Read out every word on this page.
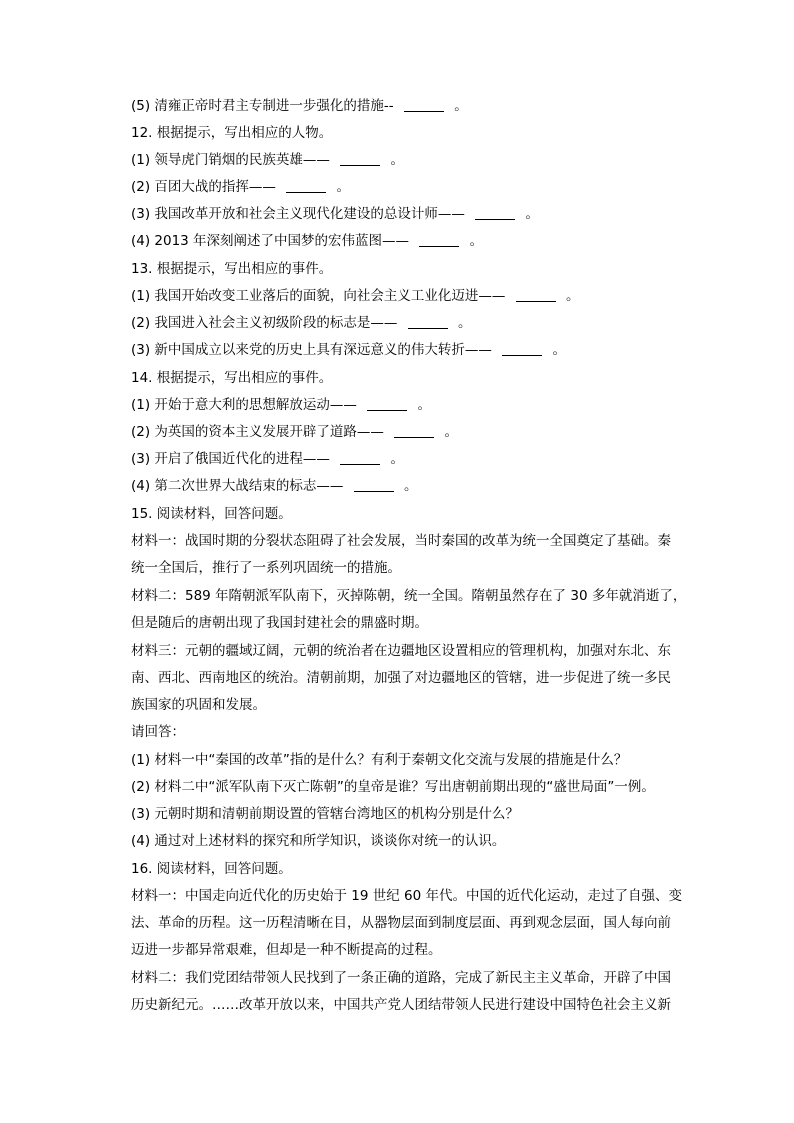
(5) 清雍正帝时君主专制进一步强化的措施--	。
12. 根据提示，写出相应的人物。
(1) 领导虎门销烟的民族英雄——	。
(2) 百团大战的指挥——	。
(3) 我国改革开放和社会主义现代化建设的总设计师——	。
(4) 2013 年深刻阐述了中国梦的宏伟蓝图——	。
13. 根据提示，写出相应的事件。
(1) 我国开始改变工业落后的面貌，向社会主义工业化迈进——	。
(2) 我国进入社会主义初级阶段的标志是——	。
(3) 新中国成立以来党的历史上具有深远意义的伟大转折——	。
14. 根据提示，写出相应的事件。
(1) 开始于意大利的思想解放运动——	。
(2) 为英国的资本主义发展开辟了道路——	。
(3) 开启了俄国近代化的进程——	。
(4) 第二次世界大战结束的标志——	。
15. 阅读材料，回答问题。
材料一：战国时期的分裂状态阻碍了社会发展，当时秦国的改革为统一全国奠定了基础。秦
统一全国后，推行了一系列巩固统一的措施。
材料二：589 年隋朝派军队南下，灭掉陈朝，统一全国。隋朝虽然存在了 30 多年就消逝了，
但是随后的唐朝出现了我国封建社会的鼎盛时期。
材料三：元朝的疆域辽阔，元朝的统治者在边疆地区设置相应的管理机构，加强对东北、东
南、西北、西南地区的统治。清朝前期，加强了对边疆地区的管辖，进一步促进了统一多民
族国家的巩固和发展。
请回答：
(1) 材料一中“秦国的改革”指的是什么？有利于秦朝文化交流与发展的措施是什么？
(2) 材料二中“派军队南下灭亡陈朝”的皇帝是谁？写出唐朝前期出现的“盛世局面”一例。
(3) 元朝时期和清朝前期设置的管辖台湾地区的机构分别是什么？
(4) 通过对上述材料的探究和所学知识，谈谈你对统一的认识。
16. 阅读材料，回答问题。
材料一：中国走向近代化的历史始于 19 世纪 60 年代。中国的近代化运动，走过了自强、变
法、革命的历程。这一历程清晰在目，从器物层面到制度层面、再到观念层面，国人每向前
迈进一步都异常艰难，但却是一种不断提高的过程。
材料二：我们党团结带领人民找到了一条正确的道路，完成了新民主主义革命，开辟了中国
历史新纪元。……改革开放以来，中国共产党人团结带领人民进行建设中国特色社会主义新
